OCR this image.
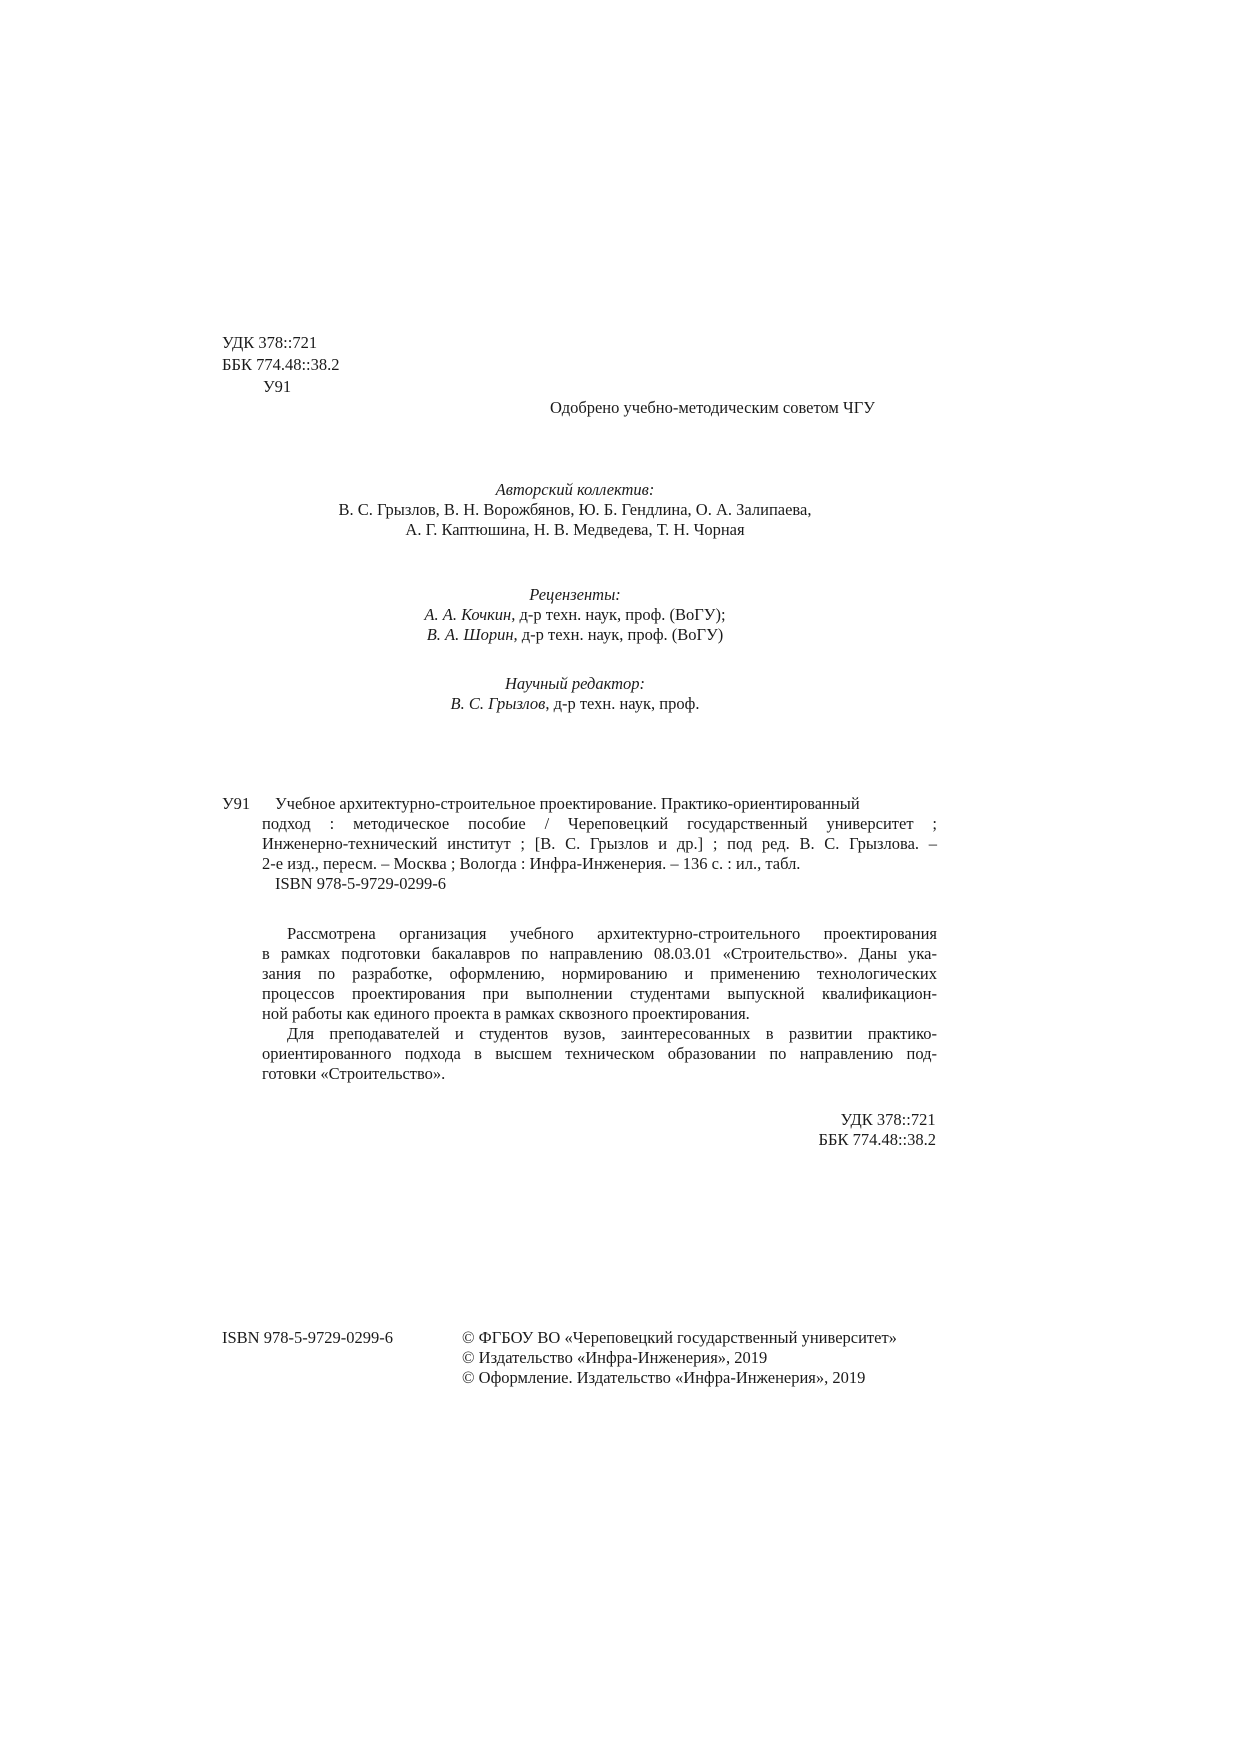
УДК 378::721
ББК 774.48::38.2
У91
Одобрено учебно-методическим советом ЧГУ
Авторский коллектив:
В. С. Грызлов, В. Н. Ворожбянов, Ю. Б. Гендлина, О. А. Залипаева,
А. Г. Каптюшина, Н. В. Медведева, Т. Н. Чорная
Рецензенты:
А. А. Кочкин, д-р техн. наук, проф. (ВоГУ);
В. А. Шорин, д-р техн. наук, проф. (ВоГУ)
Научный редактор:
В. С. Грызлов, д-р техн. наук, проф.
У91 Учебное архитектурно-строительное проектирование. Практико-ориентированный
подход : методическое пособие / Череповецкий государственный университет ;
Инженерно-технический институт ; [В. С. Грызлов и др.] ; под ред. В. С. Грызлова. –
2-е изд., пересм. – Москва ; Вологда : Инфра-Инженерия. – 136 с. : ил., табл.
ISBN 978-5-9729-0299-6
Рассмотрена организация учебного архитектурно-строительного проектирования
в рамках подготовки бакалавров по направлению 08.03.01 «Строительство». Даны ука-
зания по разработке, оформлению, нормированию и применению технологических
процессов проектирования при выполнении студентами выпускной квалификацион-
ной работы как единого проекта в рамках сквозного проектирования.
Для преподавателей и студентов вузов, заинтересованных в развитии практико-
ориентированного подхода в высшем техническом образовании по направлению под-
готовки «Строительство».
УДК 378::721
ББК 774.48::38.2
ISBN 978-5-9729-0299-6	© ФГБОУ ВО «Череповецкий государственный университет»
© Издательство «Инфра-Инженерия», 2019
© Оформление. Издательство «Инфра-Инженерия», 2019
